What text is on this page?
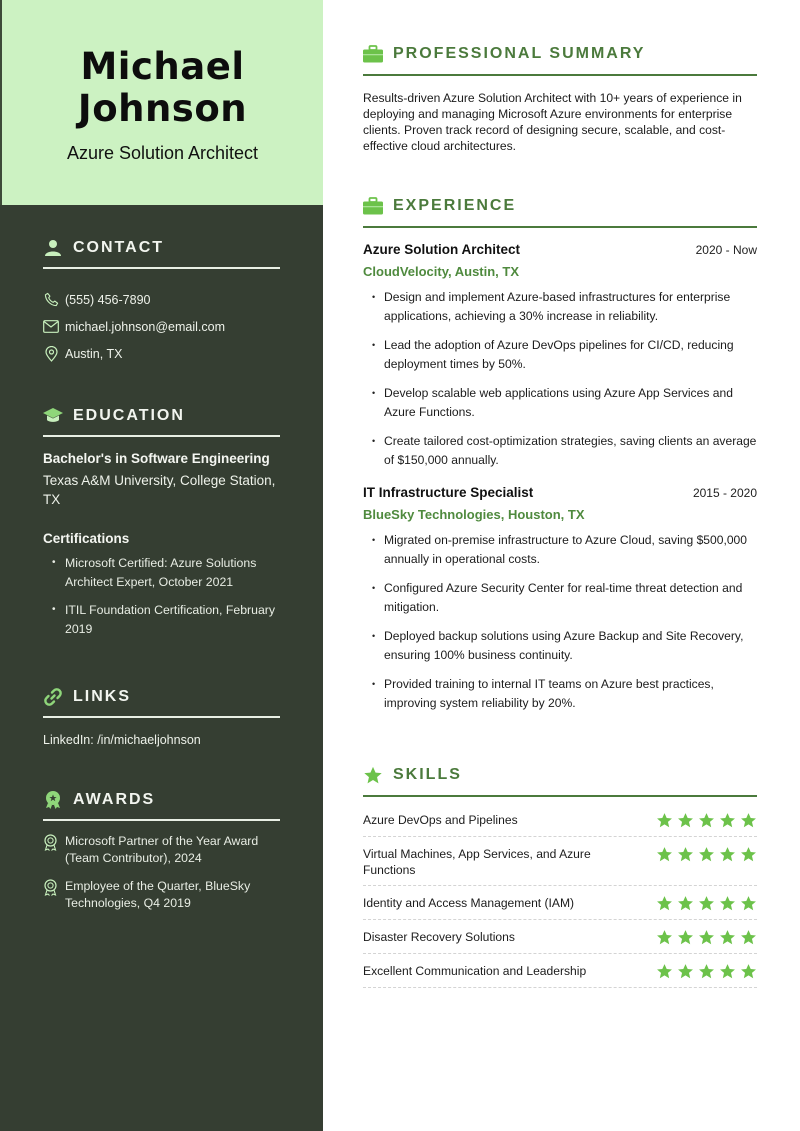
Michael
Johnson
Azure Solution Architect
CONTACT
(555) 456-7890
michael.johnson@email.com
Austin, TX
EDUCATION
Bachelor's in Software Engineering
Texas A&M University, College Station, TX
Certifications
• Microsoft Certified: Azure Solutions Architect Expert, October 2021
• ITIL Foundation Certification, February 2019
LINKS
LinkedIn: /in/michaeljohnson
AWARDS
Microsoft Partner of the Year Award (Team Contributor), 2024
Employee of the Quarter, BlueSky Technologies, Q4 2019
PROFESSIONAL SUMMARY
Results-driven Azure Solution Architect with 10+ years of experience in deploying and managing Microsoft Azure environments for enterprise clients. Proven track record of designing secure, scalable, and cost-effective cloud architectures.
EXPERIENCE
Azure Solution Architect	2020 - Now
CloudVelocity, Austin, TX
• Design and implement Azure-based infrastructures for enterprise applications, achieving a 30% increase in reliability.
• Lead the adoption of Azure DevOps pipelines for CI/CD, reducing deployment times by 50%.
• Develop scalable web applications using Azure App Services and Azure Functions.
• Create tailored cost-optimization strategies, saving clients an average of $150,000 annually.
IT Infrastructure Specialist	2015 - 2020
BlueSky Technologies, Houston, TX
• Migrated on-premise infrastructure to Azure Cloud, saving $500,000 annually in operational costs.
• Configured Azure Security Center for real-time threat detection and mitigation.
• Deployed backup solutions using Azure Backup and Site Recovery, ensuring 100% business continuity.
• Provided training to internal IT teams on Azure best practices, improving system reliability by 20%.
SKILLS
Azure DevOps and Pipelines
Virtual Machines, App Services, and Azure Functions
Identity and Access Management (IAM)
Disaster Recovery Solutions
Excellent Communication and Leadership
